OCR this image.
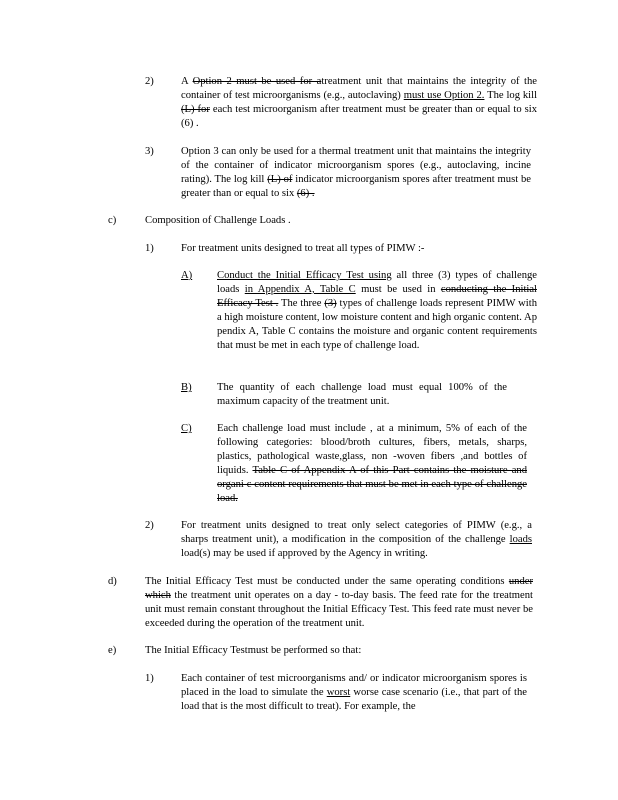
2)	A Option 2 must be used for atreatment unit that maintains the integrity of the container of test microorganisms (e.g., autoclaving) must use Option 2. The log kill (L) for each test microorganism after treatment must be greater than or equal to six (6) .
3)	Option 3 can only be used for a thermal treatment unit that maintains the integrity of the container of indicator microorganism spores (e.g., autoclaving, incine rating). The log kill (L) of indicator microorganism spores after treatment must be greater than or equal to six (6) .
c)	Composition of Challenge Loads .
1)	For treatment units designed to treat all types of PIMW :-
A) Conduct the Initial Efficacy Test using all three (3) types of challenge loads in Appendix A, Table C must be used in conducting the Initial Efficacy Test . The three (3) types of challenge loads represent PIMW with a high moisture content, low moisture content and high organic content. Ap pendix A, Table C contains the moisture and organic content requirements that must be met in each type of challenge load.
B) The quantity of each challenge load must equal 100% of the maximum capacity of the treatment unit.
C) Each challenge load must include , at a minimum, 5% of each of the following categories: blood/broth cultures, fibers, metals, sharps, plastics, pathological waste,glass, non -woven fibers ,and bottles of liquids. Table C of Appendix A of this Part contains the moisture and organi c content requirements that must be met in each type of challenge load.
2)	For treatment units designed to treat only select categories of PIMW (e.g., a sharps treatment unit), a modification in the composition of the challenge loads load(s) may be used if approved by the Agency in writing.
d)	The Initial Efficacy Test must be conducted under the same operating conditions under which the treatment unit operates on a day - to-day basis. The feed rate for the treatment unit must remain constant throughout the Initial Efficacy Test. This feed rate must never be exceeded during the operation of the treatment unit.
e)	The Initial Efficacy Testmust be performed so that:
1)	Each container of test microorganisms and/ or indicator microorganism spores is placed in the load to simulate the worst worse case scenario (i.e., that part of the load that is the most difficult to treat). For example, the
